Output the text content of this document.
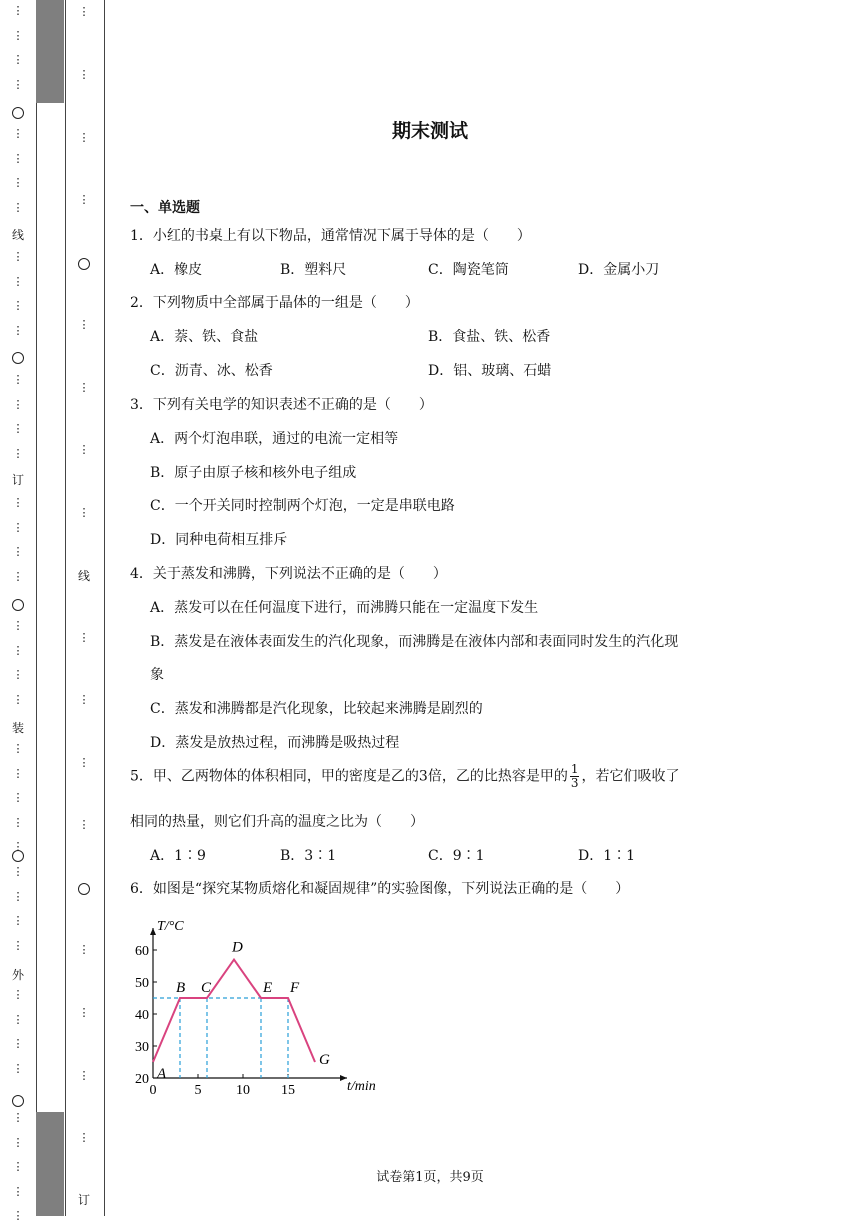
⋮
⋮
⋮
⋮
⋮
⋮
⋮
⋮
⋮
⋮
⋮
⋮
⋮
⋮
⋮
⋮
⋮
⋮
⋮
⋮
⋮
⋮
⋮
⋮
⋮
⋮
⋮
⋮
⋮
⋮
⋮
⋮
⋮
⋮
⋮
⋮
⋮
⋮
⋮
⋮
⋮
⋮
线
订
装
外
⋮
⋮
⋮
⋮
⋮
⋮
⋮
⋮
⋮
⋮
⋮
⋮
⋮
⋮
⋮
⋮
线
订
期末测试
一、单选题
1．小红的书桌上有以下物品，通常情况下属于导体的是（　　）
A．橡皮	B．塑料尺	C．陶瓷笔筒	D．金属小刀
2．下列物质中全部属于晶体的一组是（　　）
A．萘、铁、食盐	B．食盐、铁、松香
C．沥青、冰、松香	D．铝、玻璃、石蜡
3．下列有关电学的知识表述不正确的是（　　）
A．两个灯泡串联，通过的电流一定相等
B．原子由原子核和核外电子组成
C．一个开关同时控制两个灯泡，一定是串联电路
D．同种电荷相互排斥
4．关于蒸发和沸腾，下列说法不正确的是（　　）
A．蒸发可以在任何温度下进行，而沸腾只能在一定温度下发生
B．蒸发是在液体表面发生的汽化现象，而沸腾是在液体内部和表面同时发生的汽化现
象
C．蒸发和沸腾都是汽化现象，比较起来沸腾是剧烈的
D．蒸发是放热过程，而沸腾是吸热过程
5．甲、乙两物体的体积相同，甲的密度是乙的3倍，乙的比热容是甲的 $\frac{1}{3}$ ，若它们吸收了
相同的热量，则它们升高的温度之比为（　　）
A．1∶9	B．3∶1	C．9∶1	D．1∶1
6．如图是“探究某物质熔化和凝固规律”的实验图像，下列说法正确的是（　　）
T/°C
t/min
20
30
40
50
60
0	5 10 15
A
B C
D
E F
G
试卷第1页，共9页
